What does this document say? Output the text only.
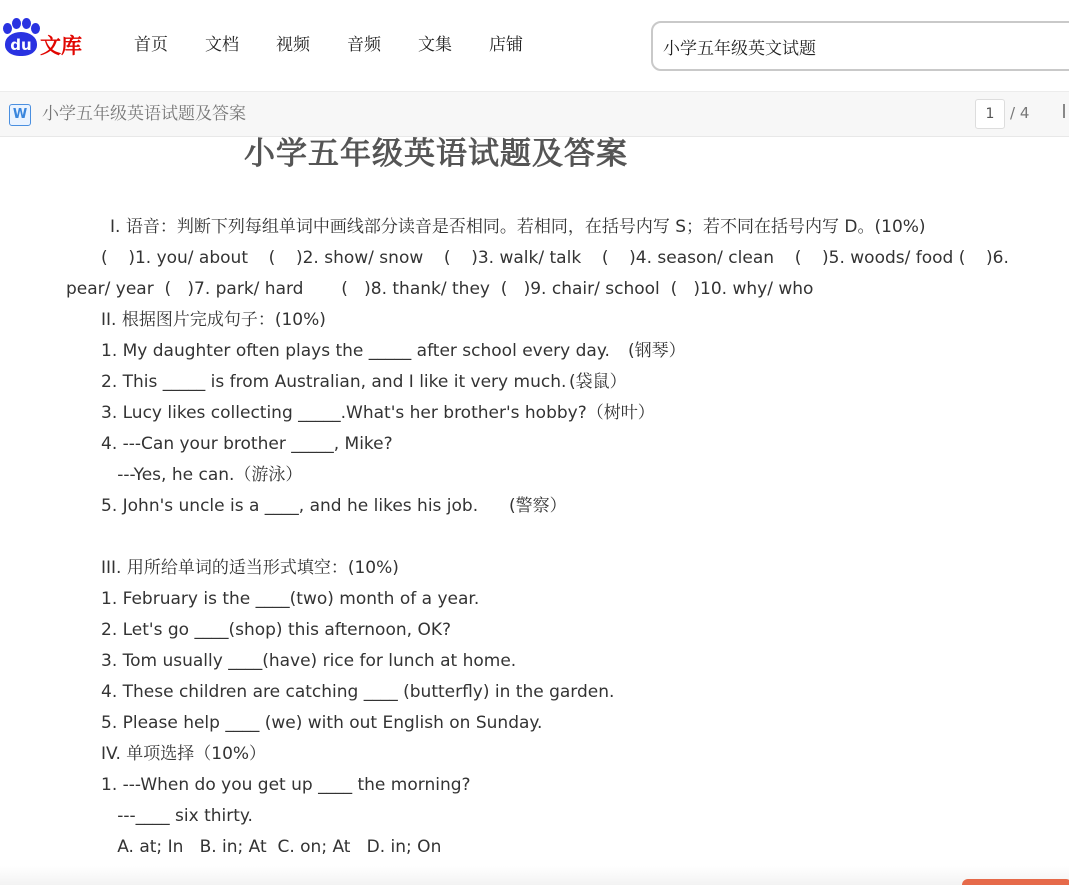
du 文库	首页 文档 视频 音频 文集 店铺
小学五年级英文试题
W 小学五年级英语试题及答案	1	/ 4
小学五年级英语试题及答案
I. 语音：判断下列每组单词中画线部分读音是否相同。若相同，在括号内写 S；若不同在括号内写 D。(10%)
( )1. you/ about ( )2. show/ snow ( )3. walk/ talk ( )4. season/ clean ( )5. woods/ food ( )6.
pear/ year  (   )7. park/ hard       (   )8. thank/ they  (   )9. chair/ school  (   )10. why/ who
II. 根据图片完成句子：(10%)
1. My daughter often plays the _____ after school every day. (钢琴）
2. This _____ is from Australian, and I like it very much. (袋鼠）
3. Lucy likes collecting _____.What's her brother's hobby?（树叶）
4. ---Can your brother _____, Mike?
---Yes, he can.（游泳）
5. John's uncle is a ____, and he likes his job. (警察）
III. 用所给单词的适当形式填空：(10%)
1. February is the ____(two) month of a year.
2. Let's go ____(shop) this afternoon, OK?
3. Tom usually ____(have) rice for lunch at home.
4. These children are catching ____ (butterfly) in the garden.
5. Please help ____ (we) with out English on Sunday.
IV. 单项选择（10%）
1. ---When do you get up ____ the morning?
---____ six thirty.
A. at; In   B. in; At  C. on; At   D. in; On
